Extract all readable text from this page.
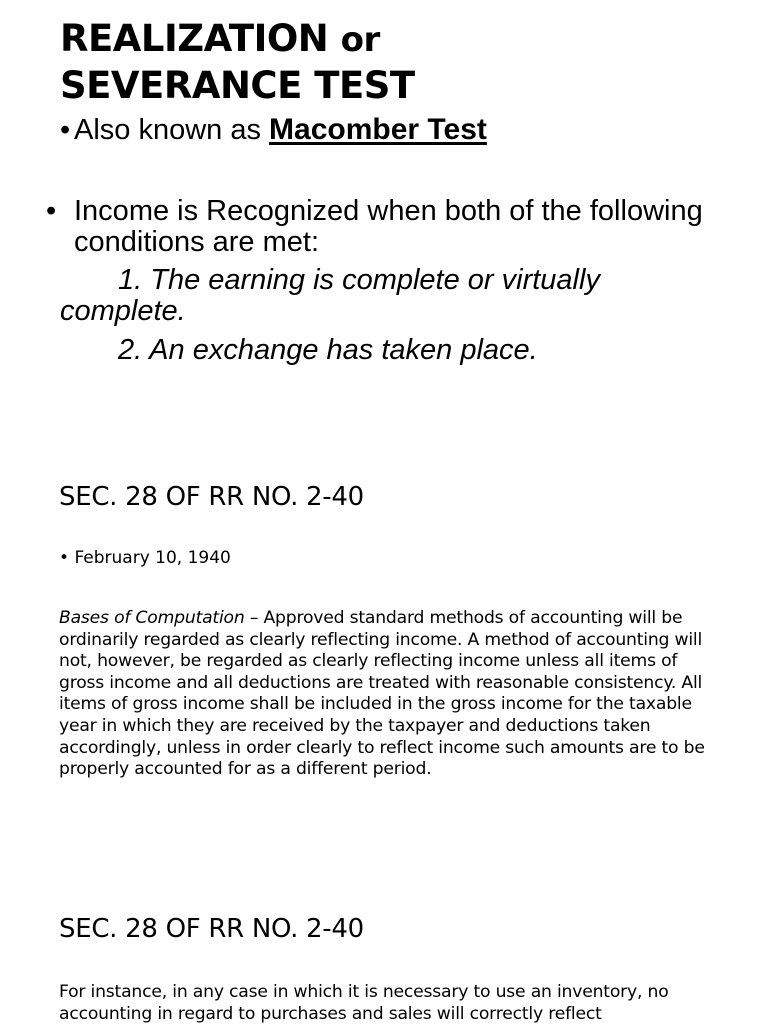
REALIZATION or
SEVERANCE TEST
• Also known as Macomber Test
• Income is Recognized when both of the following conditions are met:
1. The earning is complete or virtually complete.
2. An exchange has taken place.
SEC. 28 OF RR NO. 2-40
• February 10, 1940

Bases of Computation – Approved standard methods of accounting will be ordinarily regarded as clearly reflecting income. A method of accounting will not, however, be regarded as clearly reflecting income unless all items of gross income and all deductions are treated with reasonable consistency. All items of gross income shall be included in the gross income for the taxable year in which they are received by the taxpayer and deductions taken accordingly, unless in order clearly to reflect income such amounts are to be properly accounted for as a different period.

SEC. 28 OF RR NO. 2-40

For instance, in any case in which it is necessary to use an inventory, no accounting in regard to purchases and sales will correctly reflect
